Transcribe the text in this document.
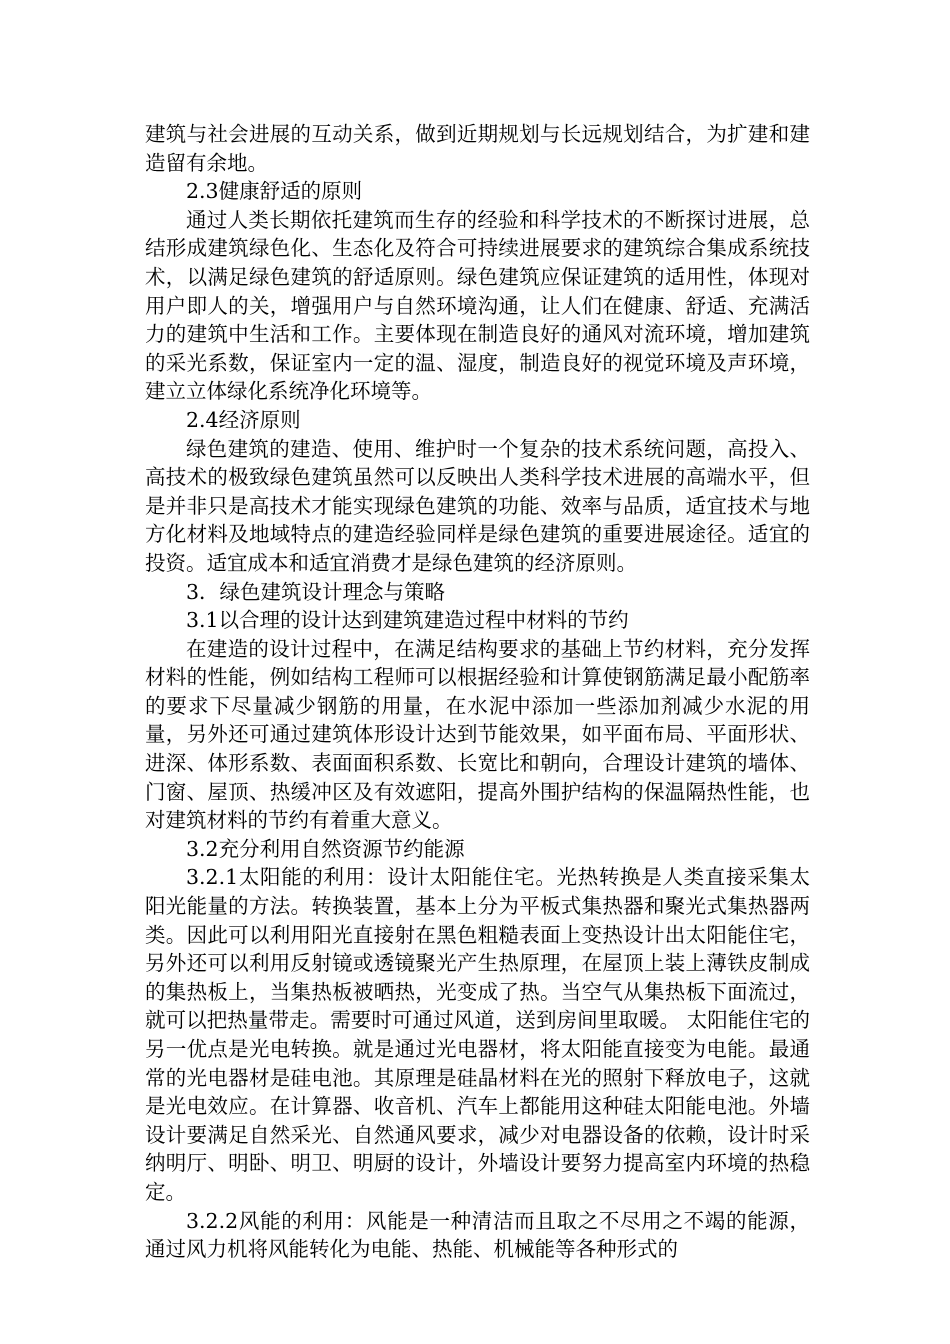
建筑与社会进展的互动关系，做到近期规划与长远规划结合，为扩建和建造留有余地。

2.3健康舒适的原则

通过人类长期依托建筑而生存的经验和科学技术的不断探讨进展，总结形成建筑绿色化、生态化及符合可持续进展要求的建筑综合集成系统技术，以满足绿色建筑的舒适原则。绿色建筑应保证建筑的适用性，体现对用户即人的关，增强用户与自然环境沟通，让人们在健康、舒适、充满活力的建筑中生活和工作。主要体现在制造良好的通风对流环境，增加建筑的采光系数，保证室内一定的温、湿度，制造良好的视觉环境及声环境，建立立体绿化系统净化环境等。

2.4经济原则

绿色建筑的建造、使用、维护时一个复杂的技术系统问题，高投入、高技术的极致绿色建筑虽然可以反映出人类科学技术进展的高端水平，但是并非只是高技术才能实现绿色建筑的功能、效率与品质，适宜技术与地方化材料及地域特点的建造经验同样是绿色建筑的重要进展途径。适宜的投资。适宜成本和适宜消费才是绿色建筑的经济原则。

3．绿色建筑设计理念与策略

3.1以合理的设计达到建筑建造过程中材料的节约

在建造的设计过程中，在满足结构要求的基础上节约材料，充分发挥材料的性能，例如结构工程师可以根据经验和计算使钢筋满足最小配筋率的要求下尽量减少钢筋的用量，在水泥中添加一些添加剂减少水泥的用量，另外还可通过建筑体形设计达到节能效果，如平面布局、平面形状、进深、体形系数、表面面积系数、长宽比和朝向，合理设计建筑的墙体、门窗、屋顶、热缓冲区及有效遮阳，提高外围护结构的保温隔热性能，也对建筑材料的节约有着重大意义。

3.2充分利用自然资源节约能源

3.2.1太阳能的利用：设计太阳能住宅。光热转换是人类直接采集太阳光能量的方法。转换装置，基本上分为平板式集热器和聚光式集热器两类。因此可以利用阳光直接射在黑色粗糙表面上变热设计出太阳能住宅，另外还可以利用反射镜或透镜聚光产生热原理，在屋顶上装上薄铁皮制成的集热板上，当集热板被晒热，光变成了热。当空气从集热板下面流过，就可以把热量带走。需要时可通过风道，送到房间里取暖。 太阳能住宅的另一优点是光电转换。就是通过光电器材，将太阳能直接变为电能。最通常的光电器材是硅电池。其原理是硅晶材料在光的照射下释放电子，这就是光电效应。在计算器、收音机、汽车上都能用这种硅太阳能电池。外墙设计要满足自然采光、自然通风要求，减少对电器设备的依赖，设计时采纳明厅、明卧、明卫、明厨的设计，外墙设计要努力提高室内环境的热稳定。

3.2.2风能的利用：风能是一种清洁而且取之不尽用之不竭的能源，通过风力机将风能转化为电能、热能、机械能等各种形式的
